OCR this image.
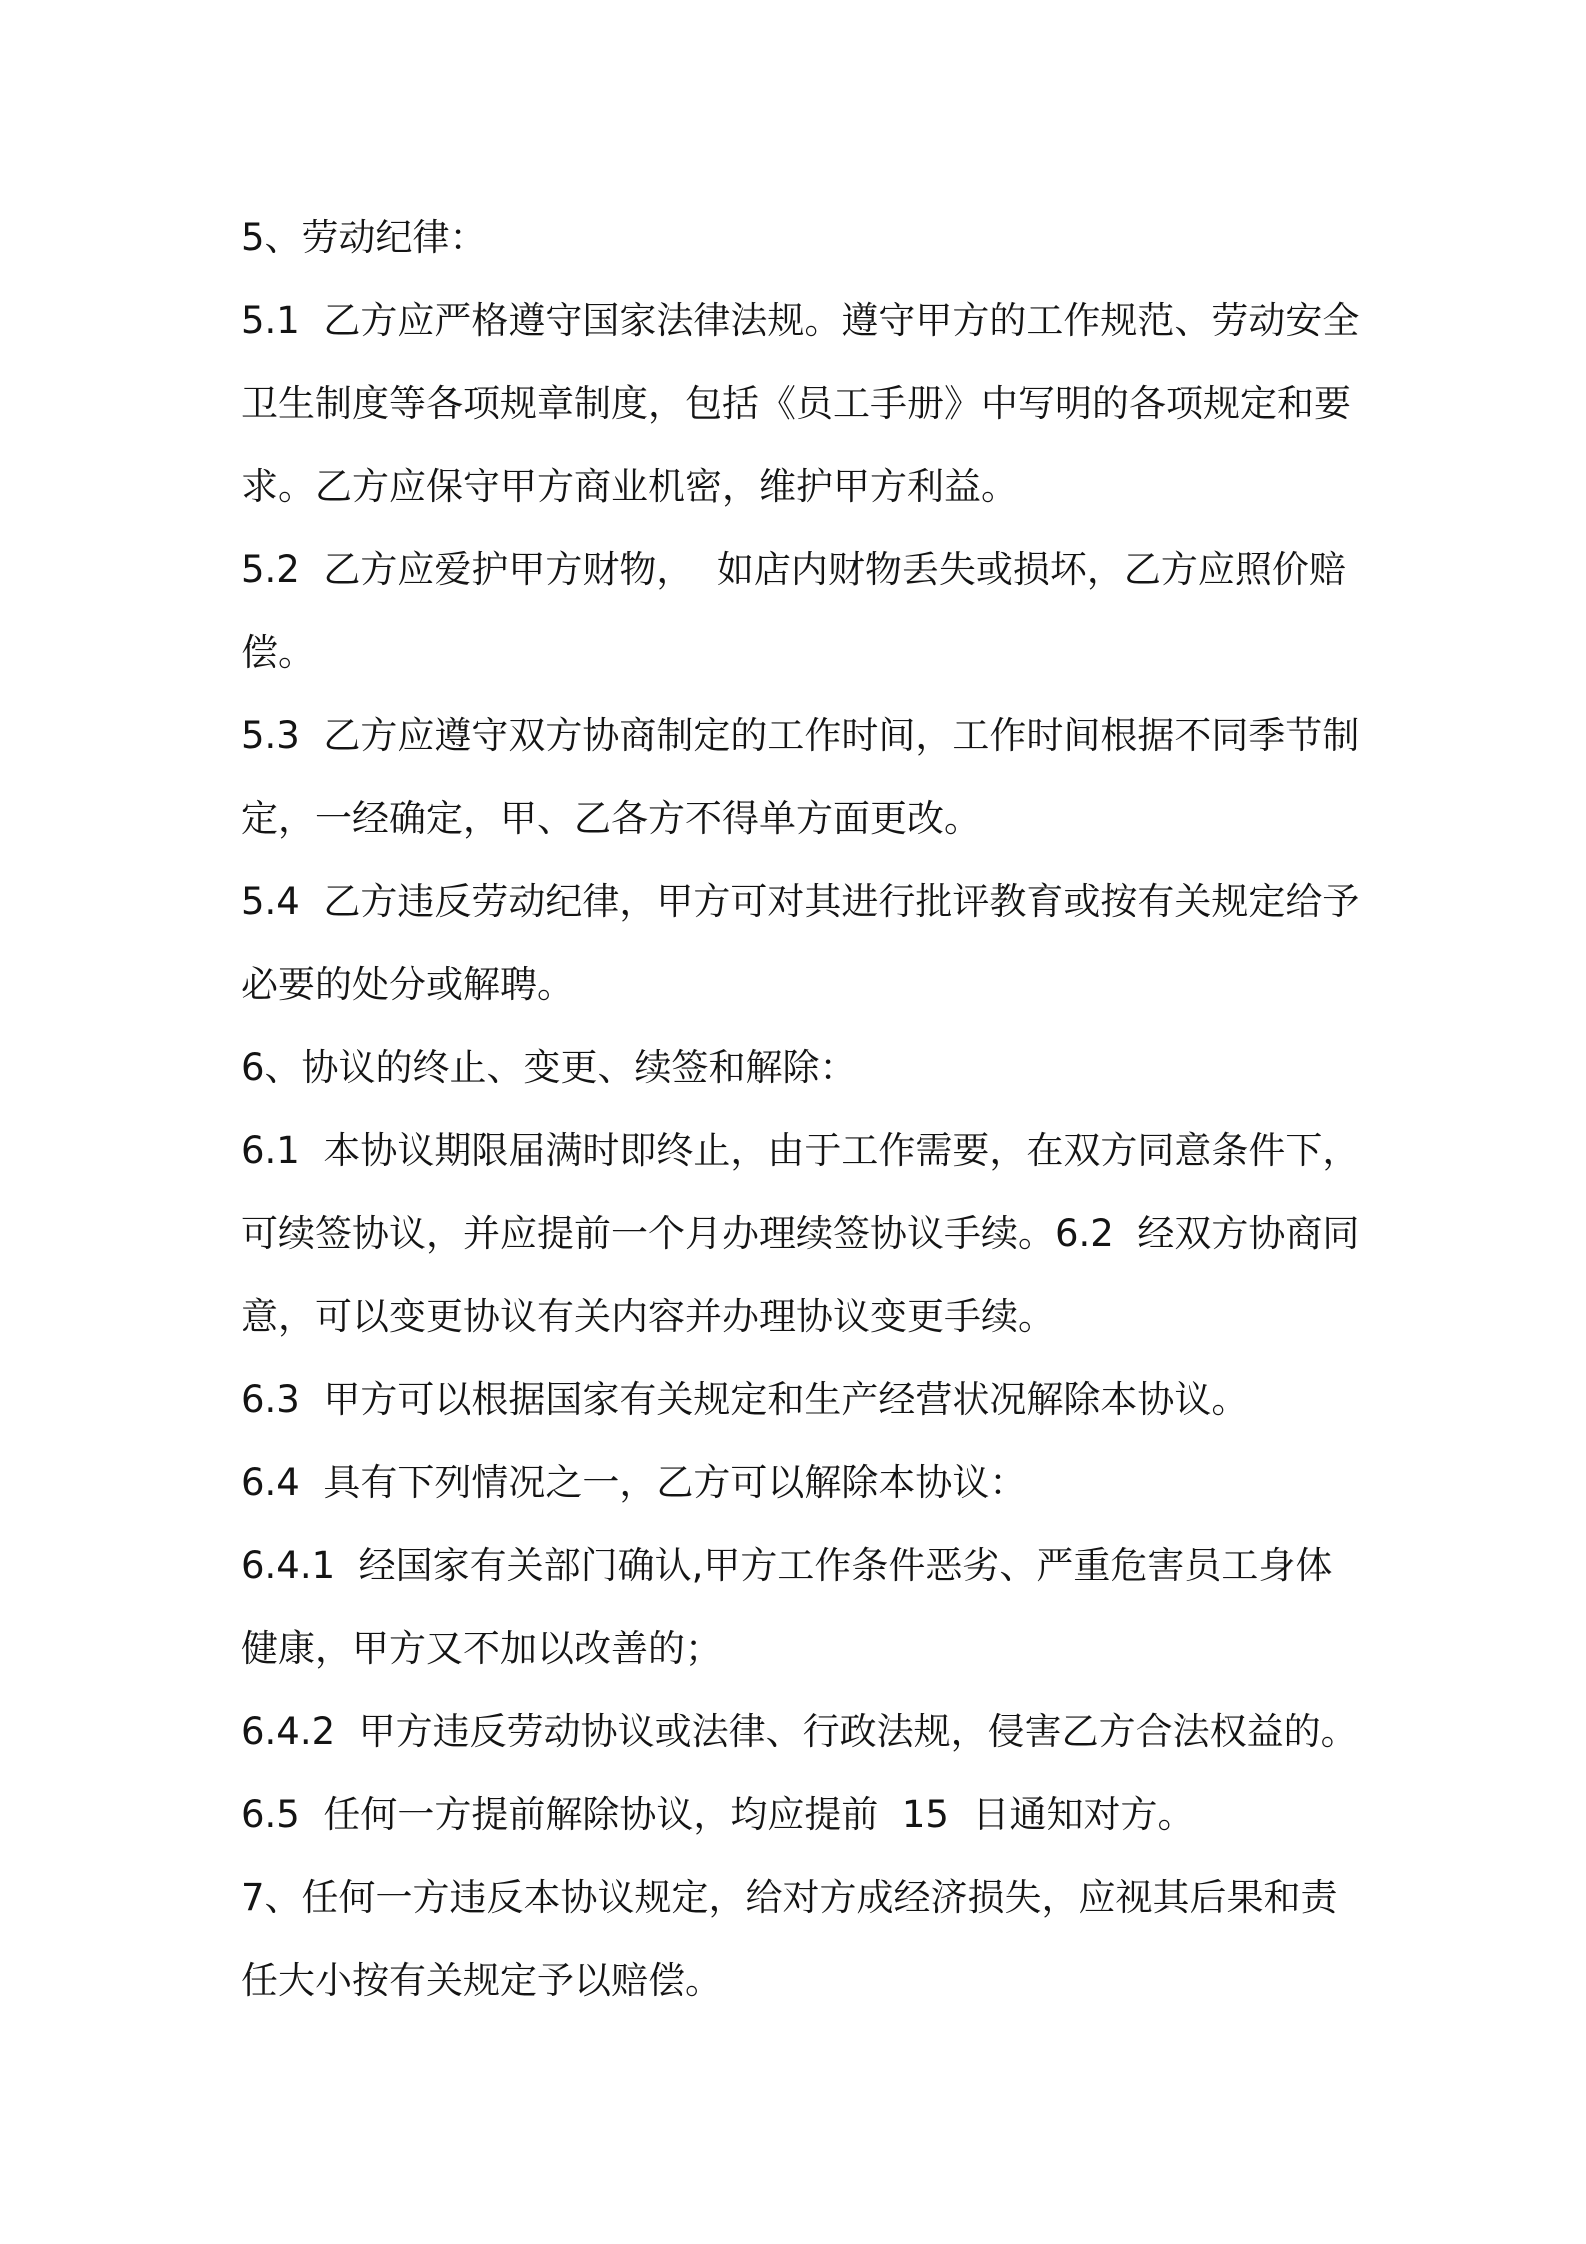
5、劳动纪律：

5.1  乙方应严格遵守国家法律法规。遵守甲方的工作规范、劳动安全卫生制度等各项规章制度，包括《员工手册》中写明的各项规定和要求。乙方应保守甲方商业机密，维护甲方利益。

5.2  乙方应爱护甲方财物，  如店内财物丢失或损坏，乙方应照价赔偿。

5.3  乙方应遵守双方协商制定的工作时间，工作时间根据不同季节制定，一经确定，甲、乙各方不得单方面更改。

5.4  乙方违反劳动纪律，甲方可对其进行批评教育或按有关规定给予必要的处分或解聘。

6、协议的终止、变更、续签和解除：

6.1  本协议期限届满时即终止，由于工作需要，在双方同意条件下，可续签协议，并应提前一个月办理续签协议手续。6.2  经双方协商同意，可以变更协议有关内容并办理协议变更手续。

6.3  甲方可以根据国家有关规定和生产经营状况解除本协议。

6.4  具有下列情况之一，乙方可以解除本协议：

6.4.1  经国家有关部门确认,甲方工作条件恶劣、严重危害员工身体健康，甲方又不加以改善的；

6.4.2  甲方违反劳动协议或法律、行政法规，侵害乙方合法权益的。

6.5  任何一方提前解除协议，均应提前  15  日通知对方。

7、任何一方违反本协议规定，给对方成经济损失，应视其后果和责任大小按有关规定予以赔偿。
